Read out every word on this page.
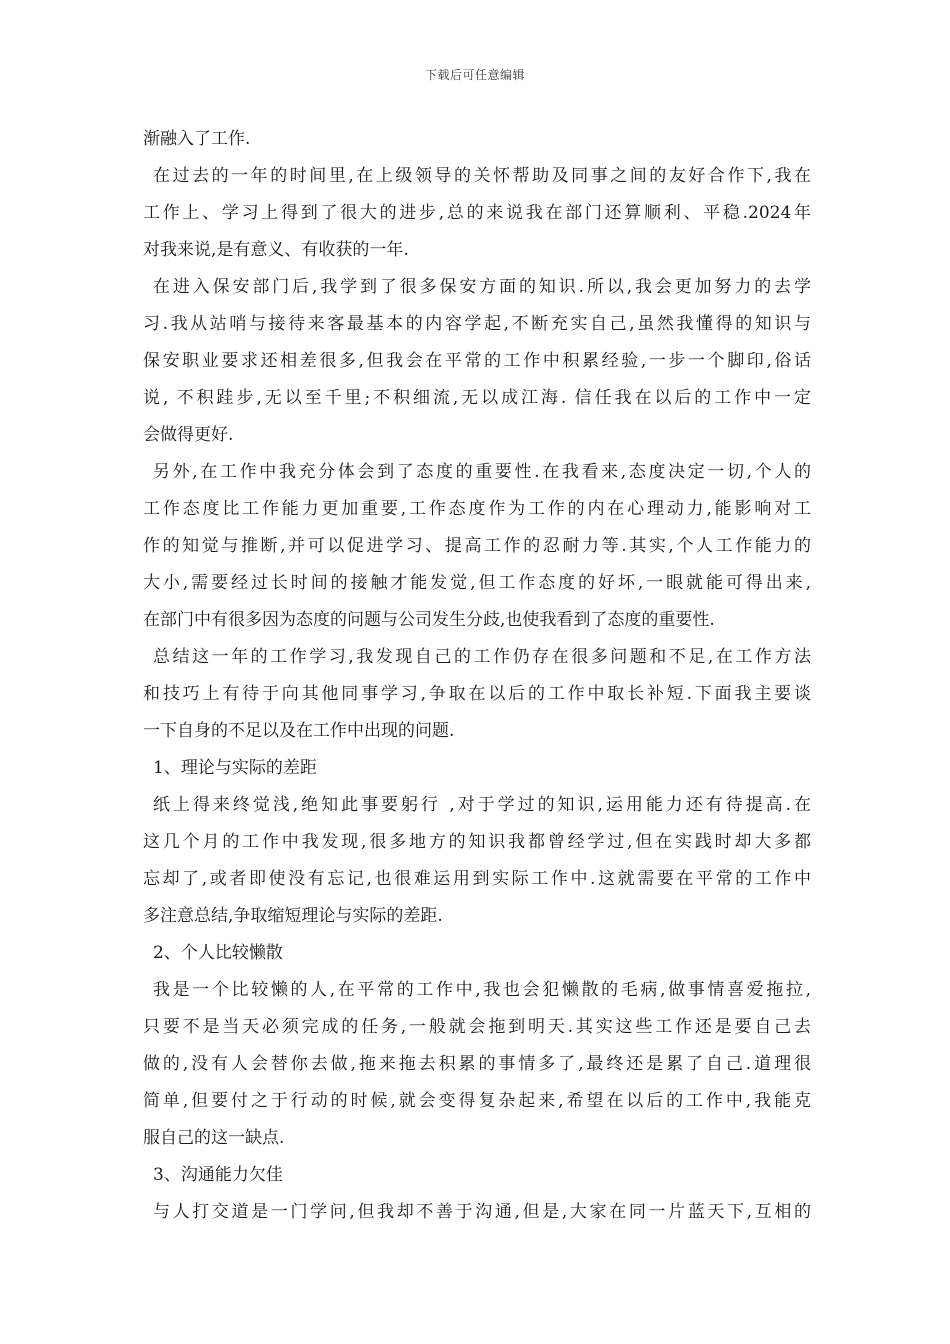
下载后可任意编辑
渐融入了工作.
在过去的一年的时间里,在上级领导的关怀帮助及同事之间的友好合作下,我在
工作上、学习上得到了很大的进步,总的来说我在部门还算顺利、平稳.2024年
对我来说,是有意义、有收获的一年.
在进入保安部门后,我学到了很多保安方面的知识.所以,我会更加努力的去学
习.我从站哨与接待来客最基本的内容学起,不断充实自己,虽然我懂得的知识与
保安职业要求还相差很多,但我会在平常的工作中积累经验,一步一个脚印,俗话
说, 不积跬步,无以至千里;不积细流,无以成江海. 信任我在以后的工作中一定
会做得更好.
另外,在工作中我充分体会到了态度的重要性.在我看来,态度决定一切,个人的
工作态度比工作能力更加重要,工作态度作为工作的内在心理动力,能影响对工
作的知觉与推断,并可以促进学习、提高工作的忍耐力等.其实,个人工作能力的
大小,需要经过长时间的接触才能发觉,但工作态度的好坏,一眼就能可得出来,
在部门中有很多因为态度的问题与公司发生分歧,也使我看到了态度的重要性.
总结这一年的工作学习,我发现自己的工作仍存在很多问题和不足,在工作方法
和技巧上有待于向其他同事学习,争取在以后的工作中取长补短.下面我主要谈
一下自身的不足以及在工作中出现的问题.
1、理论与实际的差距
纸上得来终觉浅,绝知此事要躬行 ,对于学过的知识,运用能力还有待提高.在
这几个月的工作中我发现,很多地方的知识我都曾经学过,但在实践时却大多都
忘却了,或者即使没有忘记,也很难运用到实际工作中.这就需要在平常的工作中
多注意总结,争取缩短理论与实际的差距.
2、个人比较懒散
我是一个比较懒的人,在平常的工作中,我也会犯懒散的毛病,做事情喜爱拖拉,
只要不是当天必须完成的任务,一般就会拖到明天.其实这些工作还是要自己去
做的,没有人会替你去做,拖来拖去积累的事情多了,最终还是累了自己.道理很
简单,但要付之于行动的时候,就会变得复杂起来,希望在以后的工作中,我能克
服自己的这一缺点.
3、沟通能力欠佳
与人打交道是一门学问,但我却不善于沟通,但是,大家在同一片蓝天下,互相的
